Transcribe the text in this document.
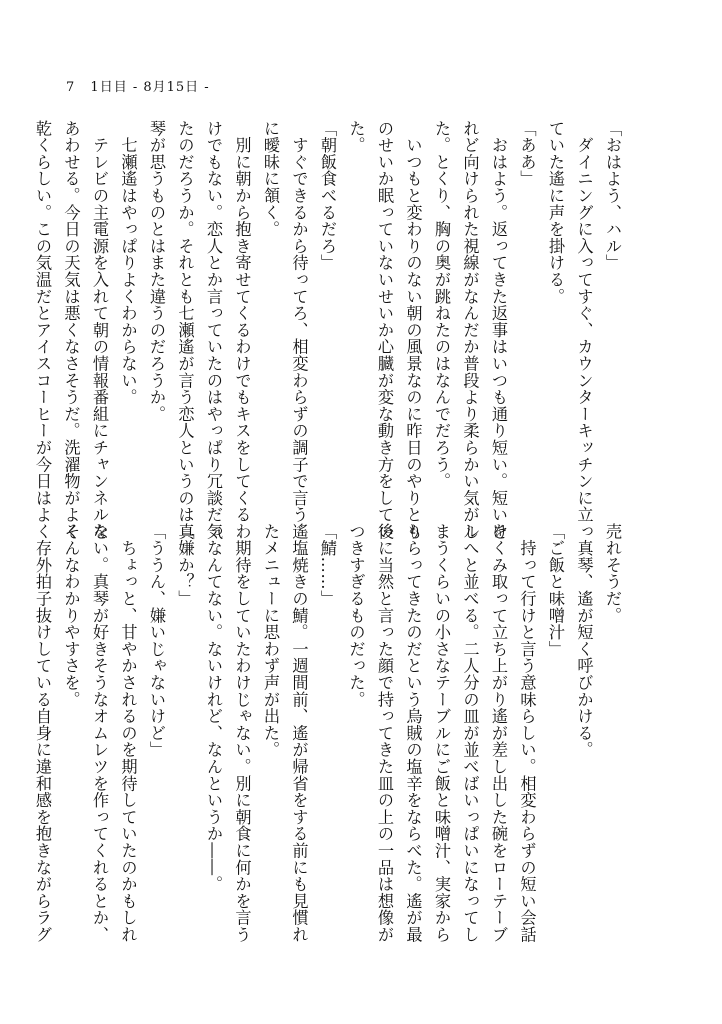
7 1日目 - 8月15日 -
「おはよう、ハル」
　ダイニングに入ってすぐ、カウンターキッチンに立っ
ていた遙に声を掛ける。
「ああ」
　おはよう。返ってきた返事はいつも通り短い。短いけ
れど向けられた視線がなんだか普段より柔らかい気がし
た。とくり、胸の奥が跳ねたのはなんでだろう。
　いつもと変わりのない朝の風景なのに昨日のやりとり
のせいか眠っていないせいか心臓が変な動き方をしてい
た。
「朝飯食べるだろ」
　すぐできるから待ってろ、相変わらずの調子で言う遙
に曖昧に頷く。
　別に朝から抱き寄せてくるわけでもキスをしてくるわ
けでもない。恋人とか言っていたのはやっぱり冗談だっ
たのだろうか。それとも七瀬遙が言う恋人というのは真
琴が思うものとはまた違うのだろうか。
　七瀬遙はやっぱりよくわからない。
　テレビの主電源を入れて朝の情報番組にチャンネルを
あわせる。今日の天気は悪くなさそうだ。洗濯物がよく
乾くらしい。この気温だとアイスコーヒーが今日はよく
売れそうだ。
　真琴、遙が短く呼びかける。
「ご飯と味噌汁」
　持って行けと言う意味らしい。相変わらずの短い会話
をくみ取って立ち上がり遙が差し出した碗をローテーブ
ルへと並べる。二人分の皿が並べばいっぱいになってし
まうくらいの小さなテーブルにご飯と味噌汁、実家から
もらってきたのだという烏賊の塩辛をならべた。遙が最
後に当然と言った顔で持ってきた皿の上の一品は想像が
つきすぎるものだった。
「鯖……」
　塩焼きの鯖。一週間前、遙が帰省をする前にも見慣れ
たメニューに思わず声が出た。
　期待をしていたわけじゃない。別に朝食に何かを言う
気なんてない。ないけれど、なんというか――。
「嫌か？」
「ううん、嫌いじゃないけど」
　ちょっと、甘やかされるのを期待していたのかもしれ
ない。真琴が好きそうなオムレツを作ってくれるとか、
そんなわかりやすさを。
　存外拍子抜けしている自身に違和感を抱きながらラグ
